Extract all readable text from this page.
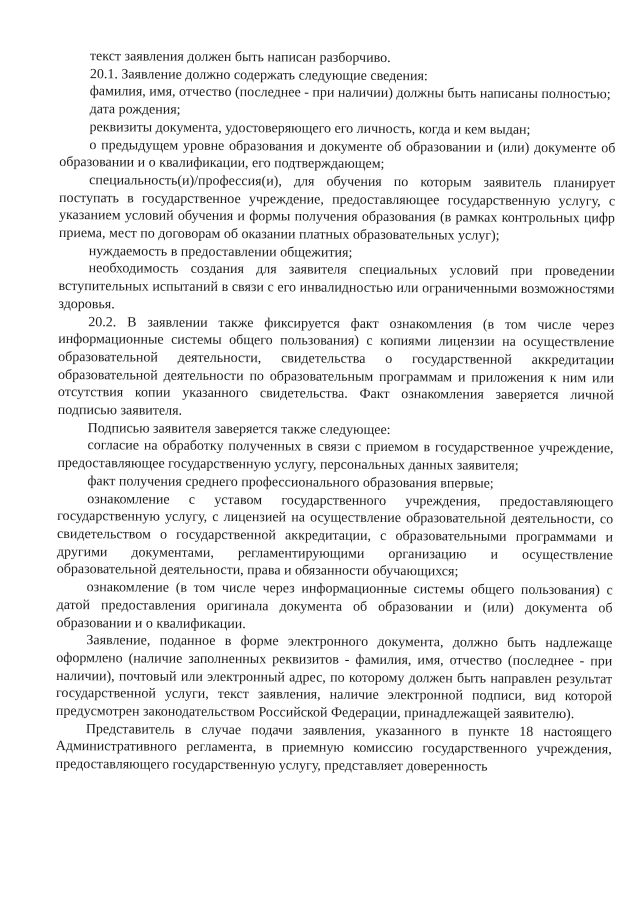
текст заявления должен быть написан разборчиво.

20.1. Заявление должно содержать следующие сведения:

фамилия, имя, отчество (последнее - при наличии) должны быть написаны полностью;

дата рождения;

реквизиты документа, удостоверяющего его личность, когда и кем выдан;

о предыдущем уровне образования и документе об образовании и (или) документе об образовании и о квалификации, его подтверждающем;

специальность(и)/профессия(и), для обучения по которым заявитель планирует поступать в государственное учреждение, предоставляющее государственную услугу, с указанием условий обучения и формы получения образования (в рамках контрольных цифр приема, мест по договорам об оказании платных образовательных услуг);

нуждаемость в предоставлении общежития;

необходимость создания для заявителя специальных условий при проведении вступительных испытаний в связи с его инвалидностью или ограниченными возможностями здоровья.

20.2. В заявлении также фиксируется факт ознакомления (в том числе через информационные системы общего пользования) с копиями лицензии на осуществление образовательной деятельности, свидетельства о государственной аккредитации образовательной деятельности по образовательным программам и приложения к ним или отсутствия копии указанного свидетельства. Факт ознакомления заверяется личной подписью заявителя.

Подписью заявителя заверяется также следующее:

согласие на обработку полученных в связи с приемом в государственное учреждение, предоставляющее государственную услугу, персональных данных заявителя;

факт получения среднего профессионального образования впервые;

ознакомление с уставом государственного учреждения, предоставляющего государственную услугу, с лицензией на осуществление образовательной деятельности, со свидетельством о государственной аккредитации, с образовательными программами и другими документами, регламентирующими организацию и осуществление образовательной деятельности, права и обязанности обучающихся;

ознакомление (в том числе через информационные системы общего пользования) с датой предоставления оригинала документа об образовании и (или) документа об образовании и о квалификации.

Заявление, поданное в форме электронного документа, должно быть надлежаще оформлено (наличие заполненных реквизитов - фамилия, имя, отчество (последнее - при наличии), почтовый или электронный адрес, по которому должен быть направлен результат государственной услуги, текст заявления, наличие электронной подписи, вид которой предусмотрен законодательством Российской Федерации, принадлежащей заявителю).

Представитель в случае подачи заявления, указанного в пункте 18 настоящего Административного регламента, в приемную комиссию государственного учреждения, предоставляющего государственную услугу, представляет доверенность
